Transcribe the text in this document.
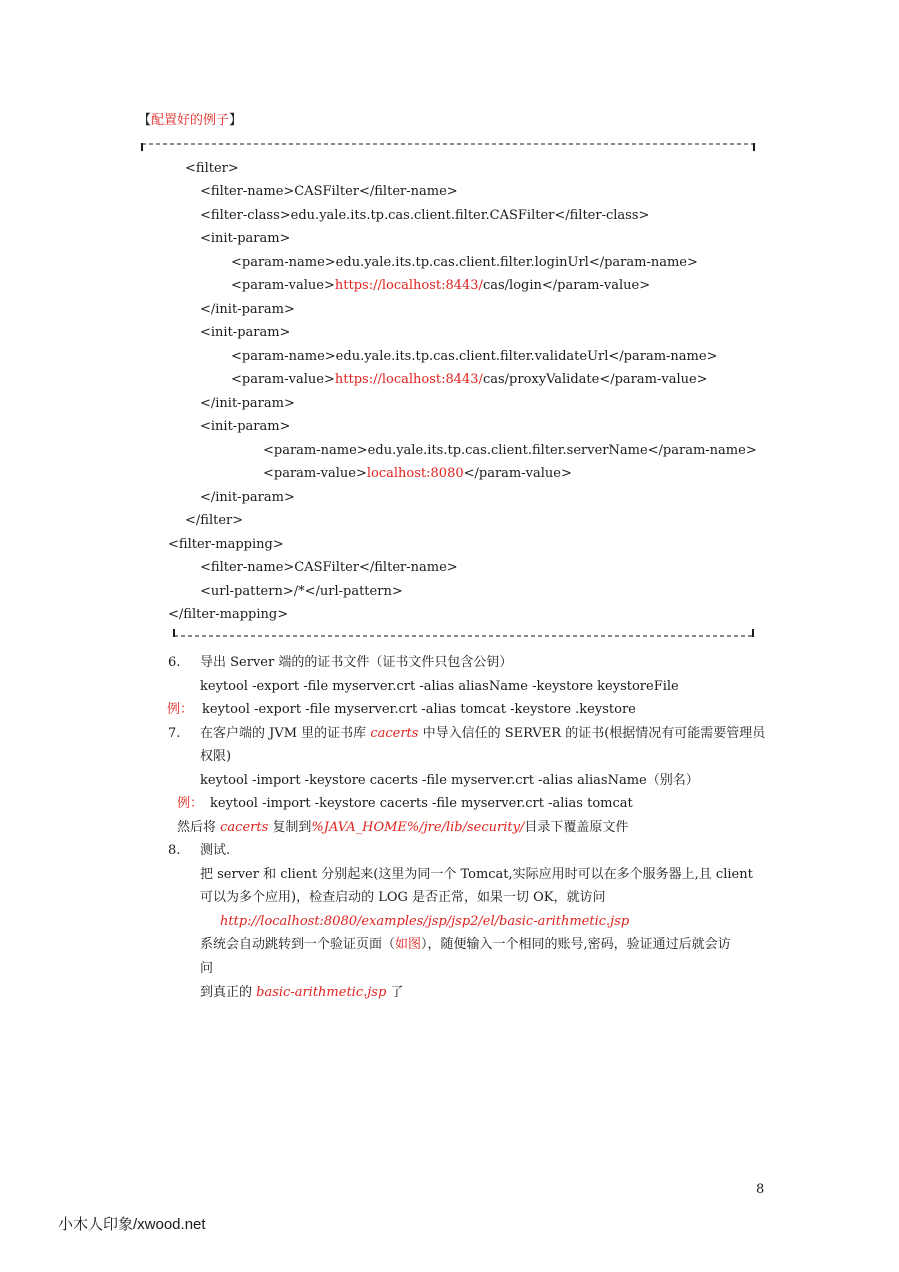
【配置好的例子】
<filter>
<filter-name>CASFilter</filter-name>
<filter-class>edu.yale.its.tp.cas.client.filter.CASFilter</filter-class>
<init-param>
<param-name>edu.yale.its.tp.cas.client.filter.loginUrl</param-name>
<param-value>https://localhost:8443/cas/login</param-value>
</init-param>
<init-param>
<param-name>edu.yale.its.tp.cas.client.filter.validateUrl</param-name>
<param-value>https://localhost:8443/cas/proxyValidate</param-value>
</init-param>
<init-param>
<param-name>edu.yale.its.tp.cas.client.filter.serverName</param-name>
<param-value>localhost:8080</param-value>
</init-param>
</filter>
<filter-mapping>
<filter-name>CASFilter</filter-name>
<url-pattern>/*</url-pattern>
</filter-mapping>
6. 导出 Server 端的的证书文件（证书文件只包含公钥）
keytool -export -file myserver.crt -alias aliasName -keystore keystoreFile
例： keytool -export -file myserver.crt -alias tomcat -keystore .keystore
7. 在客户端的 JVM 里的证书库 cacerts 中导入信任的 SERVER 的证书(根据情况有可能需要管理员
权限)
keytool -import -keystore cacerts -file myserver.crt -alias aliasName（别名）
例： keytool -import -keystore cacerts -file myserver.crt -alias tomcat
然后将 cacerts 复制到%JAVA_HOME%/jre/lib/security/目录下覆盖原文件
8. 测试.
把 server 和 client 分别起来(这里为同一个 Tomcat,实际应用时可以在多个服务器上,且 client
可以为多个应用)，检查启动的 LOG 是否正常，如果一切 OK，就访问
http://localhost:8080/examples/jsp/jsp2/el/basic-arithmetic.jsp
系统会自动跳转到一个验证页面（如图），随便输入一个相同的账号,密码，验证通过后就会访
问
到真正的 basic-arithmetic.jsp 了
8
小木人印象/xwood.net
